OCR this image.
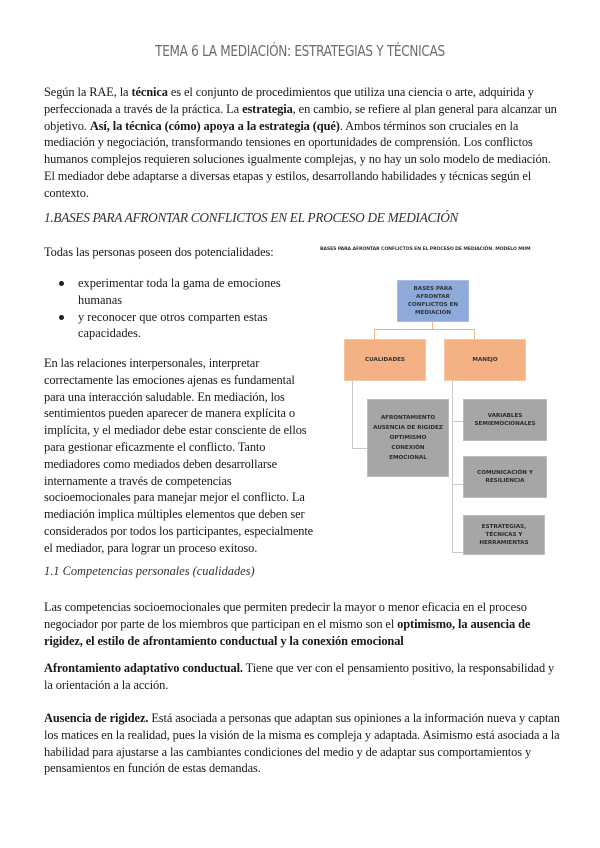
TEMA 6 LA MEDIACIÓN: ESTRATEGIAS Y TÉCNICAS

Según la RAE, la técnica es el conjunto de procedimientos que utiliza una ciencia o arte, adquirida y perfeccionada a través de la práctica. La estrategia, en cambio, se refiere al plan general para alcanzar un objetivo. Así, la técnica (cómo) apoya a la estrategia (qué). Ambos términos son cruciales en la mediación y negociación, transformando tensiones en oportunidades de comprensión. Los conflictos humanos complejos requieren soluciones igualmente complejas, y no hay un solo modelo de mediación. El mediador debe adaptarse a diversas etapas y estilos, desarrollando habilidades y técnicas según el contexto.

1.BASES PARA AFRONTAR CONFLICTOS EN EL PROCESO DE MEDIACIÓN

Todas las personas poseen dos potencialidades:

experimentar toda la gama de emociones humanas
y reconocer que otros comparten estas capacidades.

En las relaciones interpersonales, interpretar correctamente las emociones ajenas es fundamental para una interacción saludable. En mediación, los sentimientos pueden aparecer de manera explícita o implícita, y el mediador debe estar consciente de ellos para gestionar eficazmente el conflicto. Tanto mediadores como mediados deben desarrollarse internamente a través de competencias socioemocionales para manejar mejor el conflicto. La mediación implica múltiples elementos que deben ser considerados por todos los participantes, especialmente el mediador, para lograr un proceso exitoso.

BASES PARA AFRONTAR CONFLICTOS EN EL PROCESO DE MEDIACIÓN. MODELO MIIM
BASES PARA AFRONTAR CONFLICTOS EN MEDIACION
CUALIDADES	MANEJO
AFRONTAMIENTO
AUSENCIA DE RIGIDEZ
OPTIMISMO
CONEXIÓN EMOCIONAL
VARIABLES SEMIEMOCIONALES
COMUNICACIÓN Y RESILIENCIA
ESTRATEGIAS, TÉCNICAS Y HERRAMIENTAS
1.1 Competencias personales (cualidades)

Las competencias socioemocionales que permiten predecir la mayor o menor eficacia en el proceso negociador por parte de los miembros que participan en el mismo son el optimismo, la ausencia de rigidez, el estilo de afrontamiento conductual y la conexión emocional

Afrontamiento adaptativo conductual. Tiene que ver con el pensamiento positivo, la responsabilidad y la orientación a la acción.

Ausencia de rigidez. Está asociada a personas que adaptan sus opiniones a la información nueva y captan los matices en la realidad, pues la visión de la misma es compleja y adaptada. Asimismo está asociada a la habilidad para ajustarse a las cambiantes condiciones del medio y de adaptar sus comportamientos y pensamientos en función de estas demandas.
